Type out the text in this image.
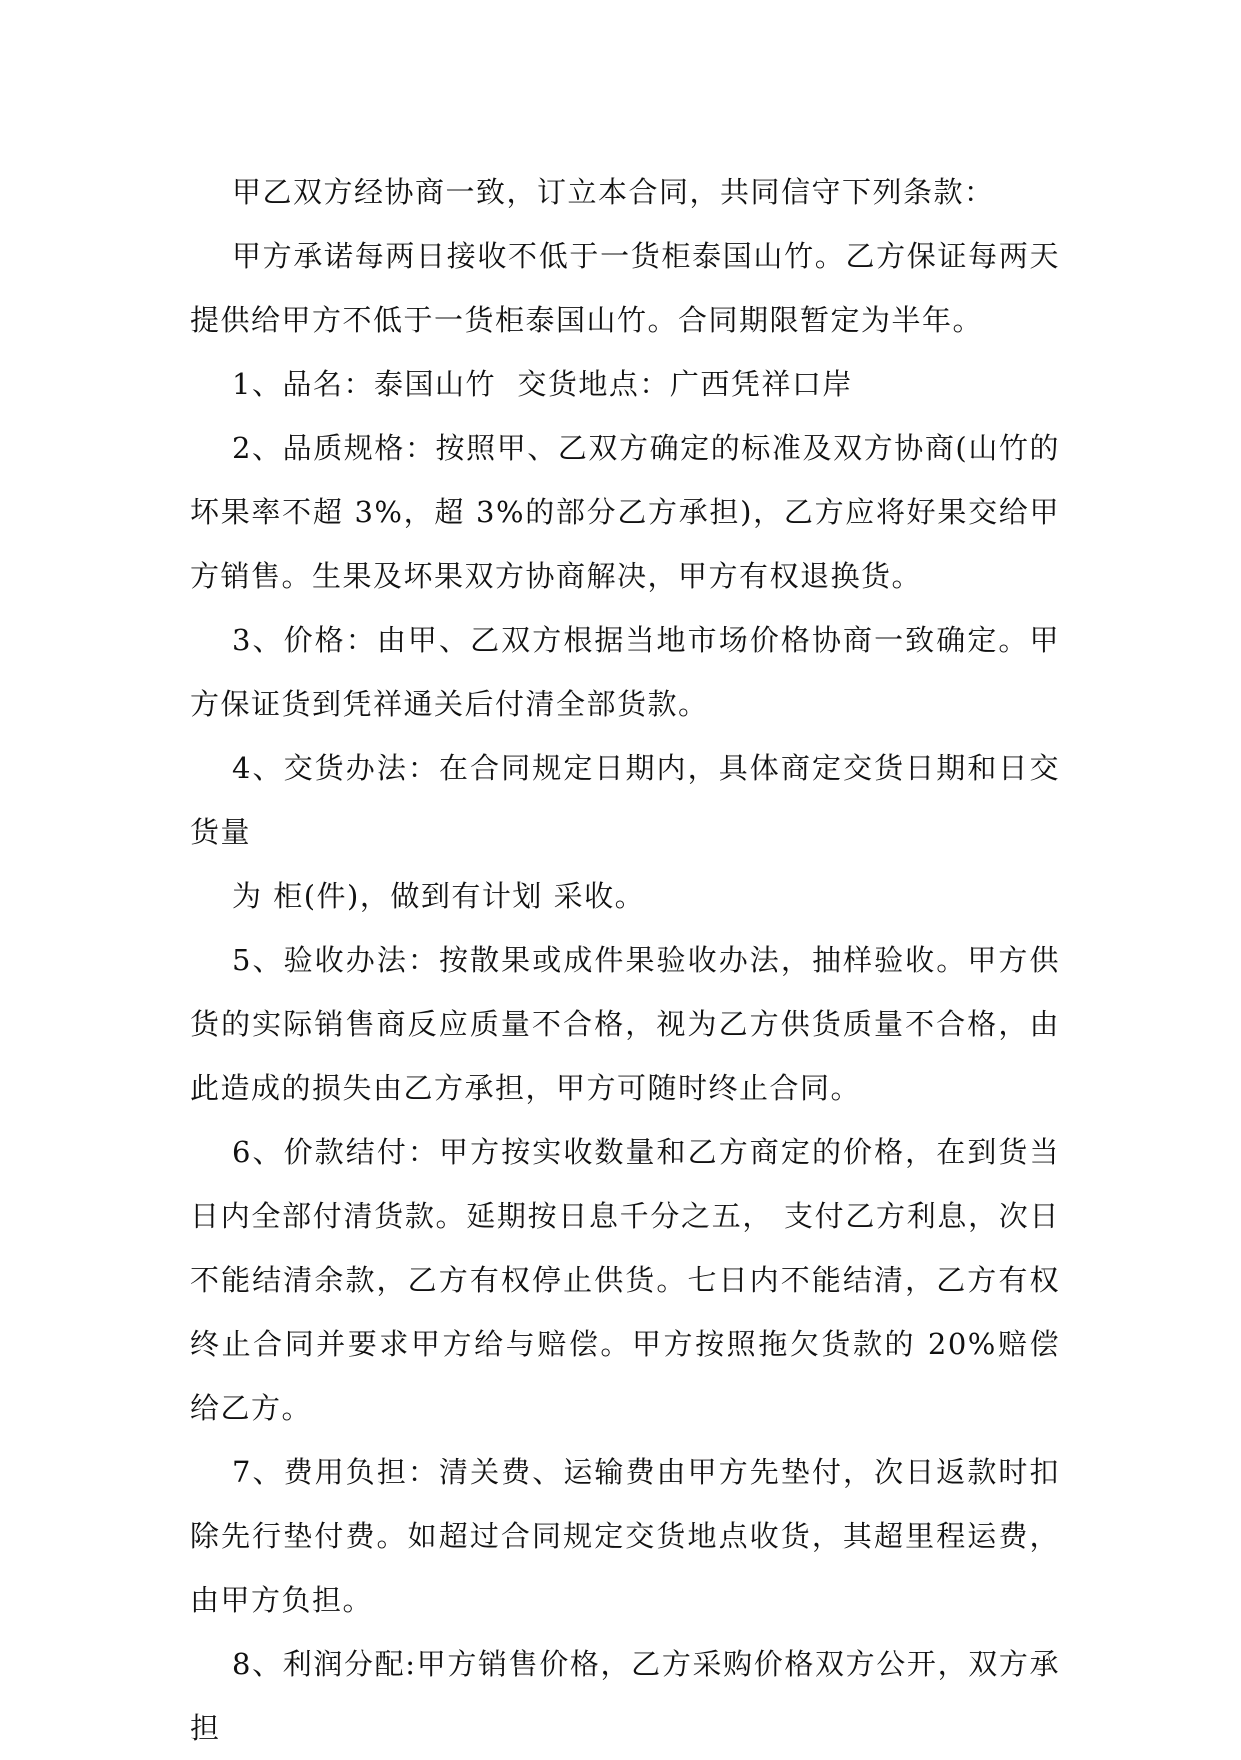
甲乙双方经协商一致，订立本合同，共同信守下列条款：

甲方承诺每两日接收不低于一货柜泰国山竹。乙方保证每两天提供给甲方不低于一货柜泰国山竹。合同期限暂定为半年。

1、品名：泰国山竹  交货地点：广西凭祥口岸

2、品质规格：按照甲、乙双方确定的标准及双方协商(山竹的坏果率不超 3%，超 3%的部分乙方承担)，乙方应将好果交给甲方销售。生果及坏果双方协商解决，甲方有权退换货。

3、价格：由甲、乙双方根据当地市场价格协商一致确定。甲方保证货到凭祥通关后付清全部货款。

4、交货办法：在合同规定日期内，具体商定交货日期和日交货量

为 柜(件)，做到有计划 采收。

5、验收办法：按散果或成件果验收办法，抽样验收。甲方供货的实际销售商反应质量不合格，视为乙方供货质量不合格，由此造成的损失由乙方承担，甲方可随时终止合同。

6、价款结付：甲方按实收数量和乙方商定的价格，在到货当日内全部付清货款。延期按日息千分之五， 支付乙方利息，次日不能结清余款，乙方有权停止供货。七日内不能结清，乙方有权终止合同并要求甲方给与赔偿。甲方按照拖欠货款的 20%赔偿给乙方。

7、费用负担：清关费、运输费由甲方先垫付，次日返款时扣除先行垫付费。如超过合同规定交货地点收货，其超里程运费，由甲方负担。

8、利润分配:甲方销售价格，乙方采购价格双方公开，双方承担
